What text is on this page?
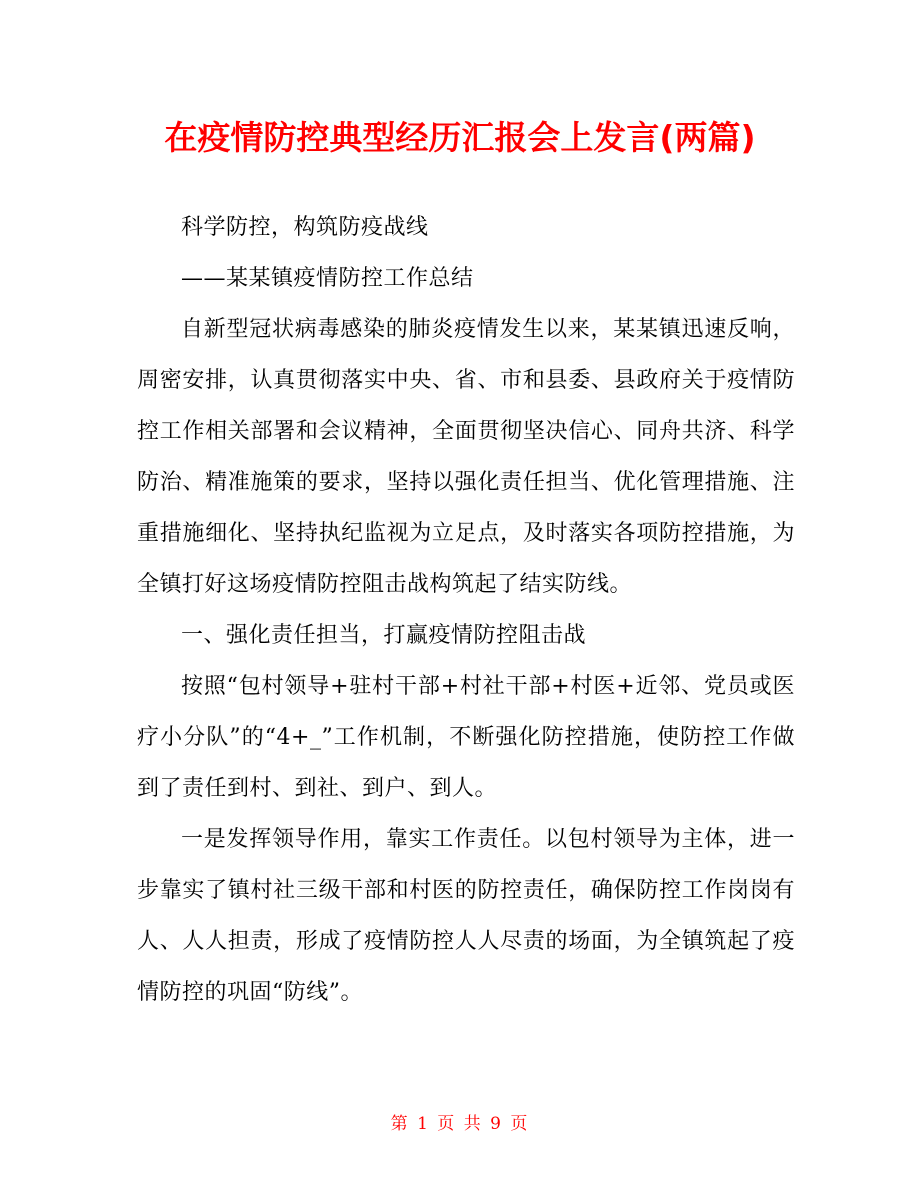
在疫情防控典型经历汇报会上发言(两篇)

科学防控，构筑防疫战线

——某某镇疫情防控工作总结

自新型冠状病毒感染的肺炎疫情发生以来，某某镇迅速反响，周密安排，认真贯彻落实中央、省、市和县委、县政府关于疫情防控工作相关部署和会议精神，全面贯彻坚决信心、同舟共济、科学防治、精准施策的要求，坚持以强化责任担当、优化管理措施、注重措施细化、坚持执纪监视为立足点，及时落实各项防控措施，为全镇打好这场疫情防控阻击战构筑起了结实防线。

一、强化责任担当，打赢疫情防控阻击战

按照“包村领导+驻村干部+村社干部+村医+近邻、党员或医疗小分队”的“4+_”工作机制，不断强化防控措施，使防控工作做到了责任到村、到社、到户、到人。

一是发挥领导作用，靠实工作责任。以包村领导为主体，进一步靠实了镇村社三级干部和村医的防控责任，确保防控工作岗岗有人、人人担责，形成了疫情防控人人尽责的场面，为全镇筑起了疫情防控的巩固“防线”。

第 1 页 共 9 页
